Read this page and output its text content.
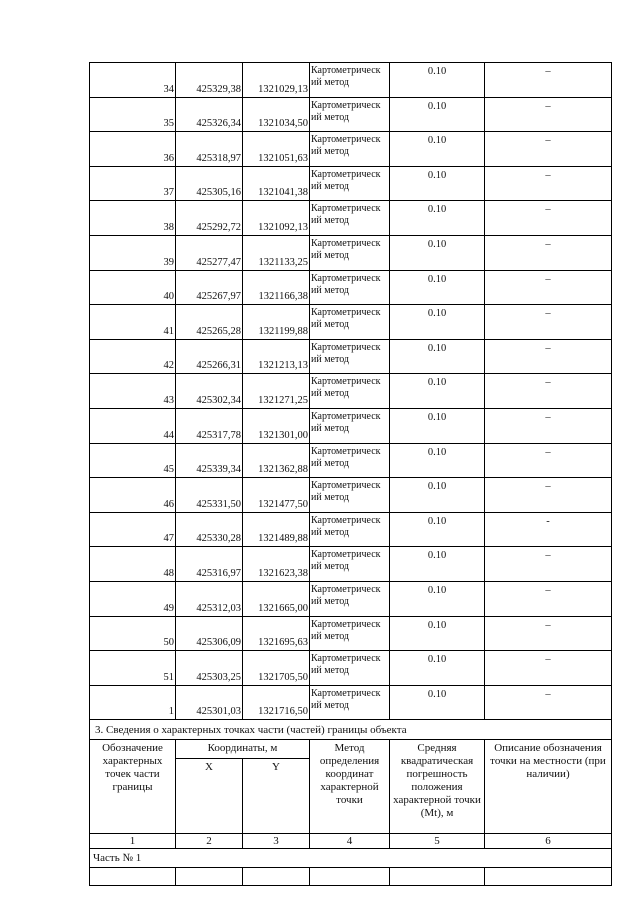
34	425329,38	1321029,13	Картометрическ
ий метод	0.10	–
35	425326,34	1321034,50	Картометрическ
ий метод	0.10	–
36	425318,97	1321051,63	Картометрическ
ий метод	0.10	–
37	425305,16	1321041,38	Картометрическ
ий метод	0.10	–
38	425292,72	1321092,13	Картометрическ
ий метод	0.10	–
39	425277,47	1321133,25	Картометрическ
ий метод	0.10	–
40	425267,97	1321166,38	Картометрическ
ий метод	0.10	–
41	425265,28	1321199,88	Картометрическ
ий метод	0.10	–
42	425266,31	1321213,13	Картометрическ
ий метод	0.10	–
43	425302,34	1321271,25	Картометрическ
ий метод	0.10	–
44	425317,78	1321301,00	Картометрическ
ий метод	0.10	–
45	425339,34	1321362,88	Картометрическ
ий метод	0.10	–
46	425331,50	1321477,50	Картометрическ
ий метод	0.10	–
47	425330,28	1321489,88	Картометрическ
ий метод	0.10	-
48	425316,97	1321623,38	Картометрическ
ий метод	0.10	–
49	425312,03	1321665,00	Картометрическ
ий метод	0.10	–
50	425306,09	1321695,63	Картометрическ
ий метод	0.10	–
51	425303,25	1321705,50	Картометрическ
ий метод	0.10	–
1	425301,03	1321716,50	Картометрическ
ий метод	0.10	–
3. Сведения о характерных точках части (частей) границы объекта					
Обозначение характерных точек части границы	Координаты, м		Метод определения координат характерной точки	Средняя квадратическая погрешность положения характерной точки (Mt), м	Описание обозначения точки на местности (при наличии)
	X	Y			
1	2	3	4	5	6
Часть № 1					
